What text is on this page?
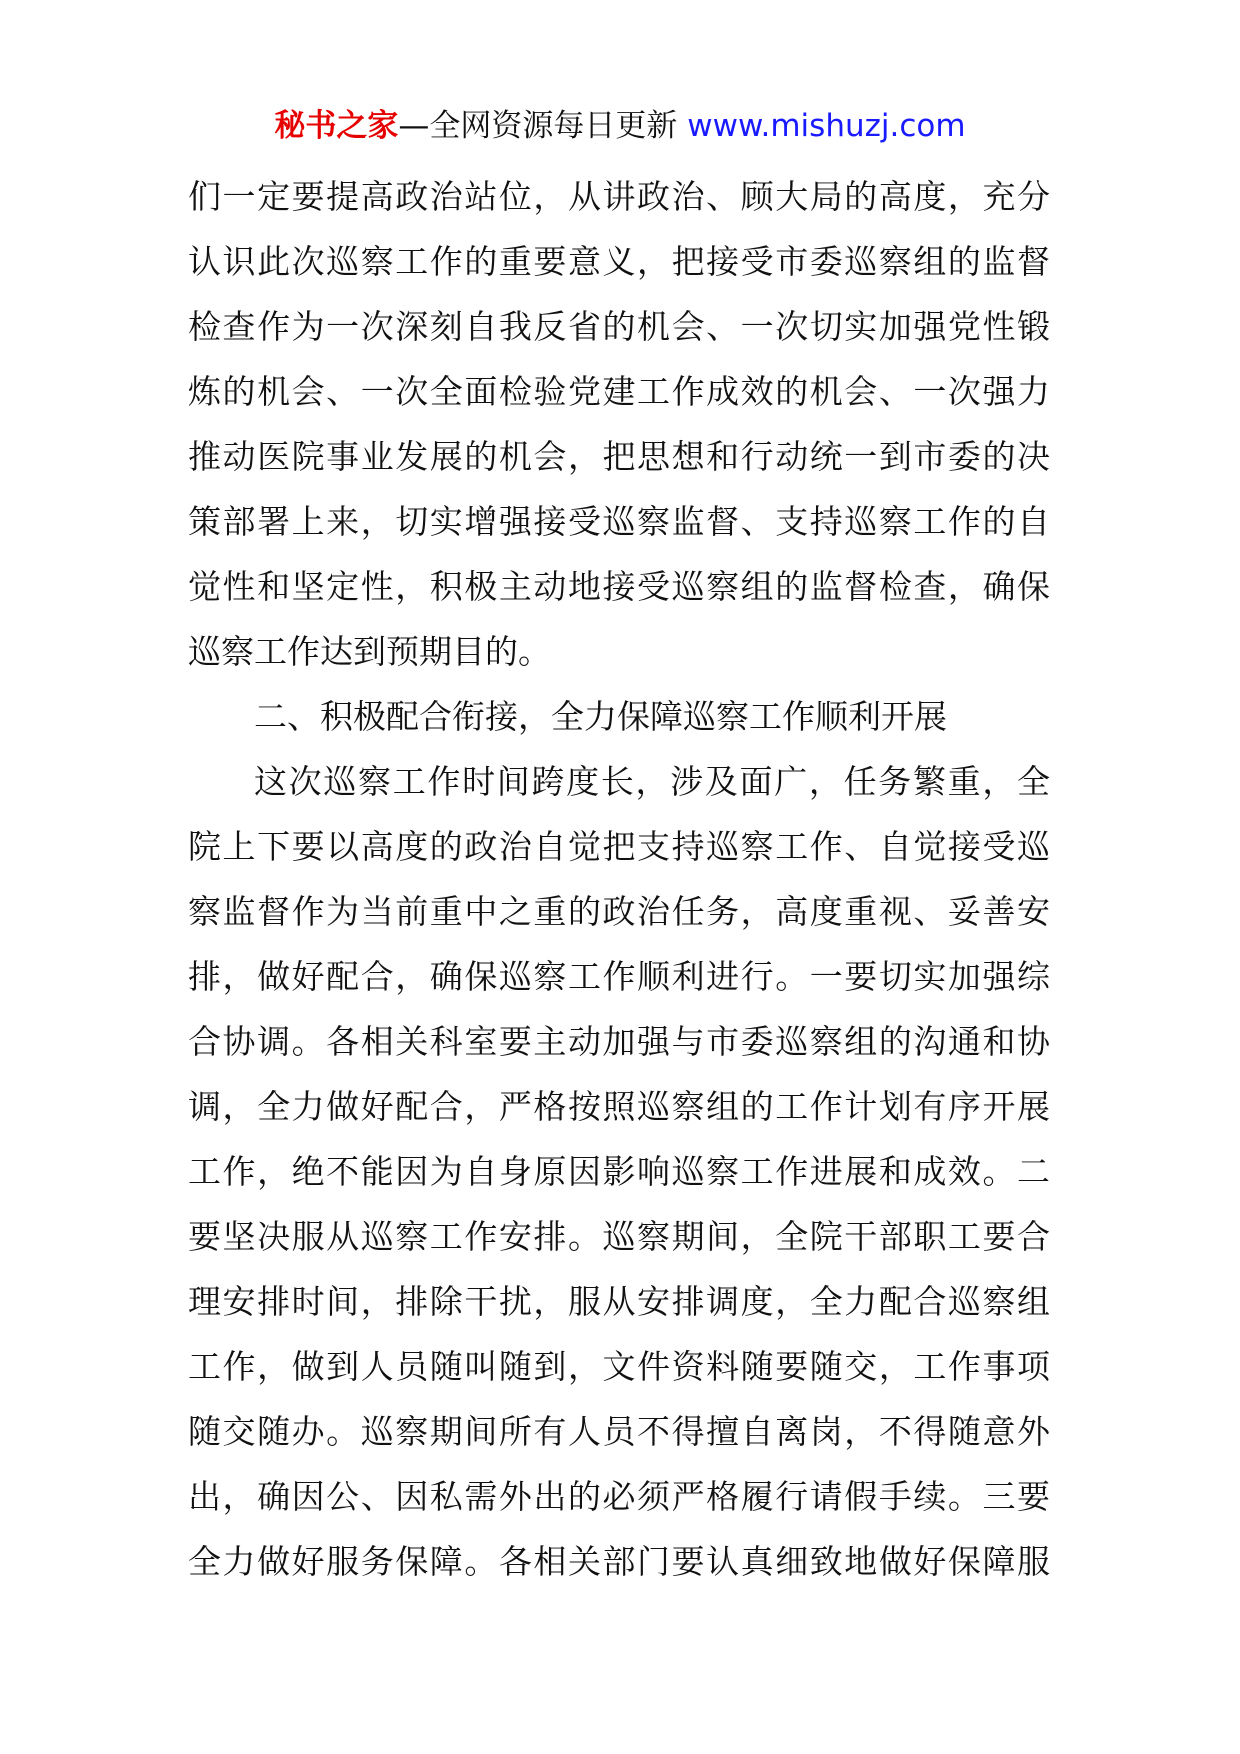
秘书之家—全网资源每日更新 www.mishuzj.com
们一定要提高政治站位，从讲政治、顾大局的高度，充分
认识此次巡察工作的重要意义，把接受市委巡察组的监督
检查作为一次深刻自我反省的机会、一次切实加强党性锻
炼的机会、一次全面检验党建工作成效的机会、一次强力
推动医院事业发展的机会，把思想和行动统一到市委的决
策部署上来，切实增强接受巡察监督、支持巡察工作的自
觉性和坚定性，积极主动地接受巡察组的监督检查，确保
巡察工作达到预期目的。
二、积极配合衔接，全力保障巡察工作顺利开展
这次巡察工作时间跨度长，涉及面广，任务繁重，全
院上下要以高度的政治自觉把支持巡察工作、自觉接受巡
察监督作为当前重中之重的政治任务，高度重视、妥善安
排，做好配合，确保巡察工作顺利进行。一要切实加强综
合协调。各相关科室要主动加强与市委巡察组的沟通和协
调，全力做好配合，严格按照巡察组的工作计划有序开展
工作，绝不能因为自身原因影响巡察工作进展和成效。二
要坚决服从巡察工作安排。巡察期间，全院干部职工要合
理安排时间，排除干扰，服从安排调度，全力配合巡察组
工作，做到人员随叫随到，文件资料随要随交，工作事项
随交随办。巡察期间所有人员不得擅自离岗，不得随意外
出，确因公、因私需外出的必须严格履行请假手续。三要
全力做好服务保障。各相关部门要认真细致地做好保障服
